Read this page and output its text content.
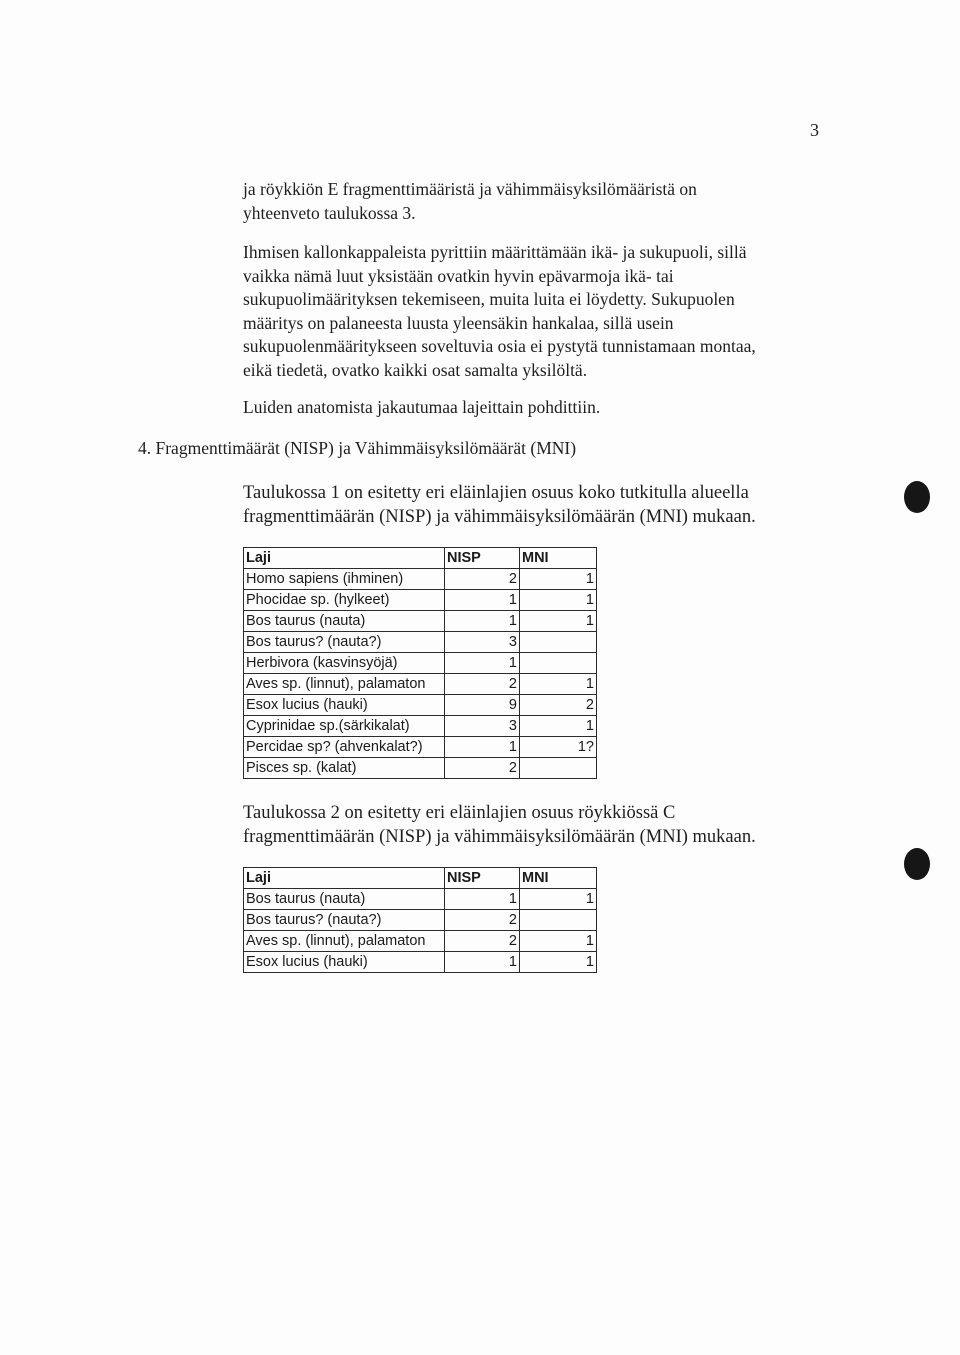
3

ja röykkiön E fragmenttimääristä ja vähimmäisyksilömääristä on
yhteenveto taulukossa 3.

Ihmisen kallonkappaleista pyrittiin määrittämään ikä- ja sukupuoli, sillä
vaikka nämä luut yksistään ovatkin hyvin epävarmoja ikä- tai
sukupuolimäärityksen tekemiseen, muita luita ei löydetty. Sukupuolen
määritys on palaneesta luusta yleensäkin hankalaa, sillä usein
sukupuolenmääritykseen soveltuvia osia ei pystytä tunnistamaan montaa,
eikä tiedetä, ovatko kaikki osat samalta yksilöltä.

Luiden anatomista jakautumaa lajeittain pohdittiin.

4. Fragmenttimäärät (NISP) ja Vähimmäisyksilömäärät (MNI)

Taulukossa 1 on esitetty eri eläinlajien osuus koko tutkitulla alueella
fragmenttimäärän (NISP) ja vähimmäisyksilömäärän (MNI) mukaan.

Laji	NISP	MNI
Homo sapiens (ihminen)	2	1
Phocidae sp. (hylkeet)	1	1
Bos taurus (nauta)	1	1
Bos taurus? (nauta?)	3	
Herbivora (kasvinsyöjä)	1	
Aves sp. (linnut), palamaton	2	1
Esox lucius (hauki)	9	2
Cyprinidae sp.(särkikalat)	3	1
Percidae sp? (ahvenkalat?)	1	1?
Pisces sp. (kalat)	2	

Taulukossa 2 on esitetty eri eläinlajien osuus röykkiössä C
fragmenttimäärän (NISP) ja vähimmäisyksilömäärän (MNI) mukaan.

Laji	NISP	MNI
Bos taurus (nauta)	1	1
Bos taurus? (nauta?)	2	
Aves sp. (linnut), palamaton	2	1
Esox lucius (hauki)	1	1
